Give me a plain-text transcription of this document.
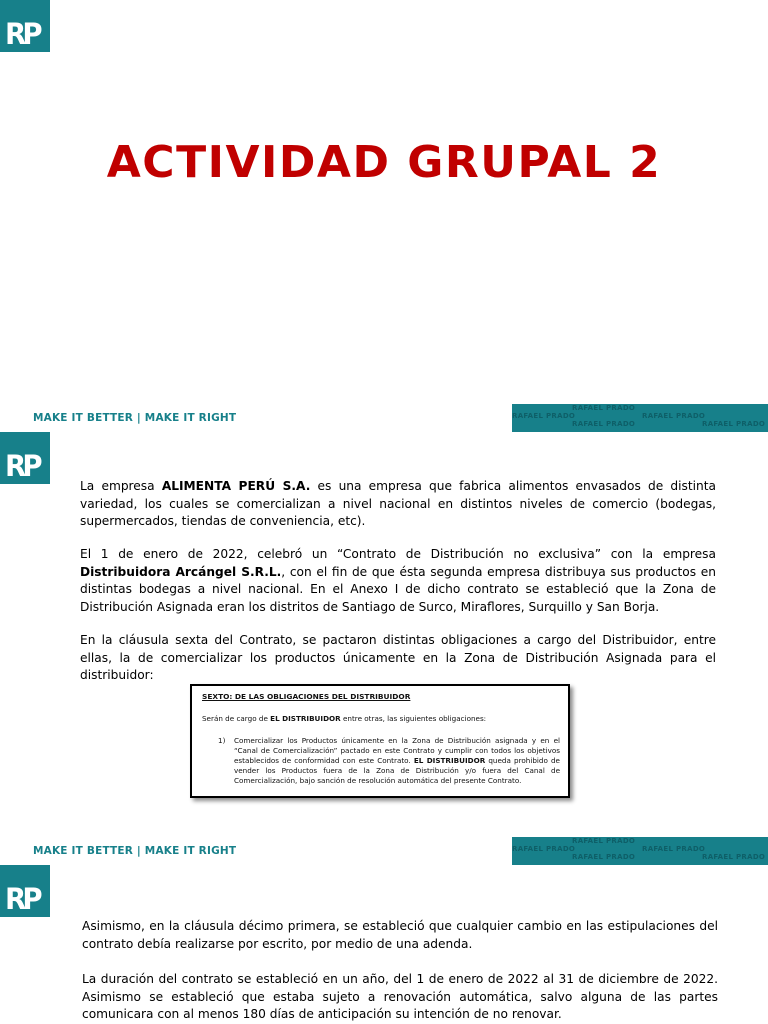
RP
ACTIVIDAD GRUPAL 2
MAKE IT BETTER | MAKE IT RIGHT
RAFAEL PRADO
RAFAEL PRADO	RAFAEL PRADO
RAFAEL PRADO	RAFAEL PRADO
RP
La empresa ALIMENTA PERÚ S.A. es una empresa que fabrica alimentos envasados de distinta variedad, los cuales se comercializan a nivel nacional en distintos niveles de comercio (bodegas, supermercados, tiendas de conveniencia, etc).
El 1 de enero de 2022, celebró un “Contrato de Distribución no exclusiva” con la empresa Distribuidora Arcángel S.R.L., con el fin de que ésta segunda empresa distribuya sus productos en distintas bodegas a nivel nacional. En el Anexo I de dicho contrato se estableció que la Zona de Distribución Asignada eran los distritos de Santiago de Surco, Miraflores, Surquillo y San Borja.
En la cláusula sexta del Contrato, se pactaron distintas obligaciones a cargo del Distribuidor, entre ellas, la de comercializar los productos únicamente en la Zona de Distribución Asignada para el distribuidor:
MAKE IT BETTER | MAKE IT RIGHT
RAFAEL PRADO
RAFAEL PRADO	RAFAEL PRADO
RAFAEL PRADO	RAFAEL PRADO
SEXTO: DE LAS OBLIGACIONES DEL DISTRIBUIDOR
Serán de cargo de EL DISTRIBUIDOR entre otras, las siguientes obligaciones:
1) Comercializar los Productos únicamente en la Zona de Distribución asignada y en el “Canal de Comercialización” pactado en este Contrato y cumplir con todos los objetivos establecidos de conformidad con este Contrato. EL DISTRIBUIDOR queda prohibido de vender los Productos fuera de la Zona de Distribución y/o fuera del Canal de Comercialización, bajo sanción de resolución automática del presente Contrato.
RP
Asimismo, en la cláusula décimo primera, se estableció que cualquier cambio en las estipulaciones del contrato debía realizarse por escrito, por medio de una adenda.
La duración del contrato se estableció en un año, del 1 de enero de 2022 al 31 de diciembre de 2022. Asimismo se estableció que estaba sujeto a renovación automática, salvo alguna de las partes comunicara con al menos 180 días de anticipación su intención de no renovar.
